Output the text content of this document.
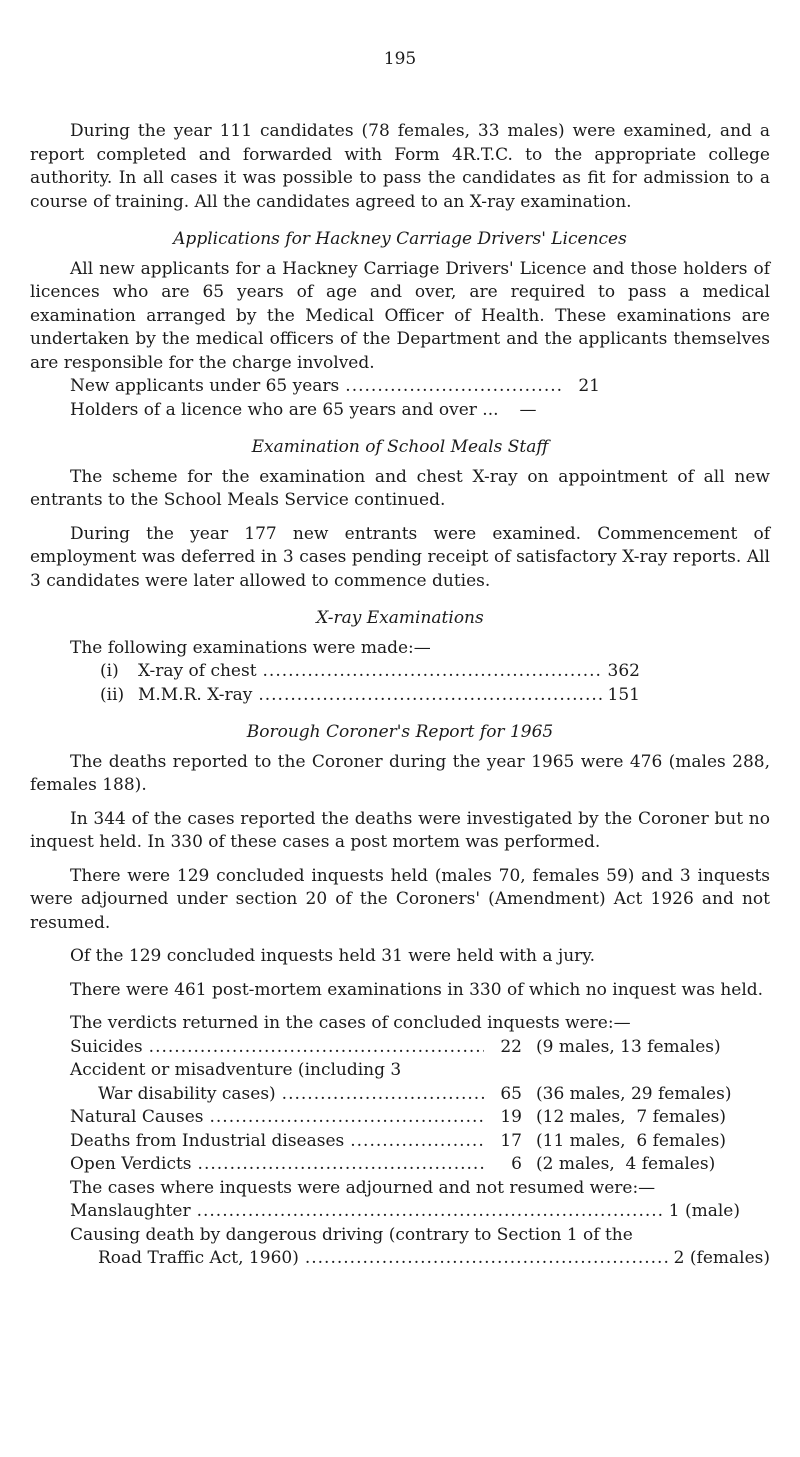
195

During the year 111 candidates (78 females, 33 males) were examined, and a report completed and forwarded with Form 4R.T.C. to the appropriate college authority. In all cases it was possible to pass the candidates as fit for admission to a course of training. All the candidates agreed to an X-ray examination.

Applications for Hackney Carriage Drivers' Licences

All new applicants for a Hackney Carriage Drivers' Licence and those holders of licences who are 65 years of age and over, are required to pass a medical examination arranged by the Medical Officer of Health. These examinations are undertaken by the medical officers of the Department and the applicants themselves are responsible for the charge involved.

New applicants under 65 years .....	21
Holders of a licence who are 65 years and over ...	—

Examination of School Meals Staff

The scheme for the examination and chest X-ray on appointment of all new entrants to the School Meals Service continued.

During the year 177 new entrants were examined. Commencement of employment was deferred in 3 cases pending receipt of satisfactory X-ray reports. All 3 candidates were later allowed to commence duties.

X-ray Examinations

The following examinations were made:—

(i)	X-ray of chest .....	362
(ii) M.M.R. X-ray .....	151

Borough Coroner's Report for 1965

The deaths reported to the Coroner during the year 1965 were 476 (males 288, females 188).

In 344 of the cases reported the deaths were investigated by the Coroner but no inquest held. In 330 of these cases a post mortem was performed.

There were 129 concluded inquests held (males 70, females 59) and 3 inquests were adjourned under section 20 of the Coroners' (Amendment) Act 1926 and not resumed.

Of the 129 concluded inquests held 31 were held with a jury.

There were 461 post-mortem examinations in 330 of which no inquest was held.

The verdicts returned in the cases of concluded inquests were:—

Suicides .....	22 (9 males, 13 females)
Accident or misadventure (including 3
War disability cases) .....	65 (36 males, 29 females)
Natural Causes .....	19 (12 males,  7 females)
Deaths from Industrial diseases .....	17 (11 males,  6 females)
Open Verdicts .....	6 (2 males,  4 females)

The cases where inquests were adjourned and not resumed were:—

Manslaughter .....	1 (male)
Causing death by dangerous driving (contrary to Section 1 of the
Road Traffic Act, 1960) .....	2 (females)
